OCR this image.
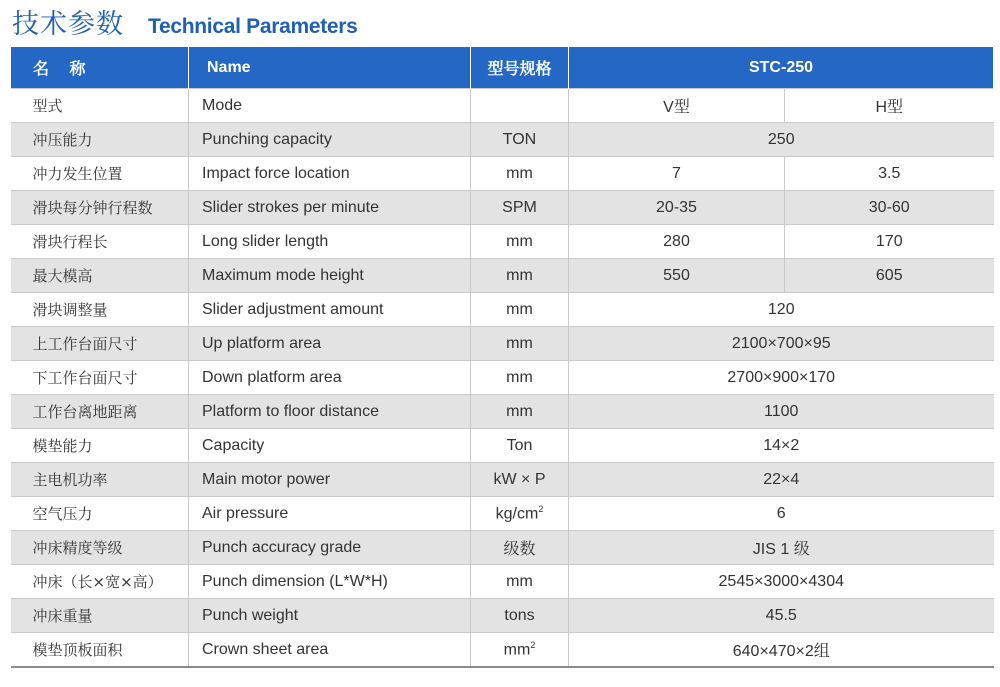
技术参数 Technical Parameters
名 称	Name	型号规格	STC-250	
型式	Mode		V型	H型
冲压能力	Punching capacity	TON	250	
冲力发生位置	Impact force location	mm	7	3.5
滑块每分钟行程数	Slider strokes per minute	SPM	20-35	30-60
滑块行程长	Long slider length	mm	280	170
最大模高	Maximum mode height	mm	550	605
滑块调整量	Slider adjustment amount	mm	120	
上工作台面尺寸	Up platform area	mm	2100×700×95	
下工作台面尺寸	Down platform area	mm	2700×900×170	
工作台离地距离	Platform to floor distance	mm	1100	
模垫能力	Capacity	Ton	14×2	
主电机功率	Main motor power	kW × P	22×4	
空气压力	Air pressure	$kg/cm^2$	6	
冲床精度等级	Punch accuracy grade	级数	JIS 1 级	
冲床（长×宽×高）	Punch dimension (L*W*H)	mm	2545×3000×4304	
冲床重量	Punch weight	tons	45.5	
模垫顶板面积	Crown sheet area	$mm^2$	640×470×2组	
